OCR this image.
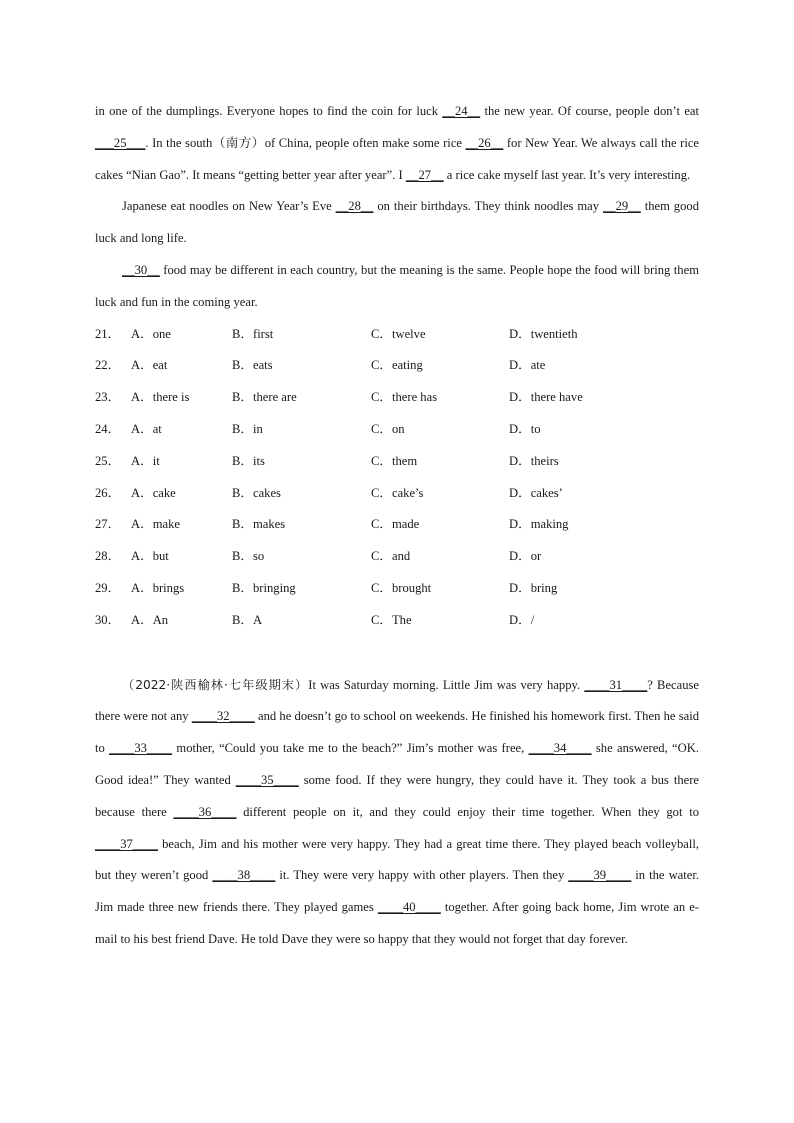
in one of the dumplings. Everyone hopes to find the coin for luck __24__ the new year. Of course, people don’t eat ___25___. In the south（南方）of China, people often make some rice __26__ for New Year. We always call the rice cakes “Nian Gao”. It means “getting better year after year”. I __27__ a rice cake myself last year. It’s very interesting.

Japanese eat noodles on New Year’s Eve __28__ on their birthdays. They think noodles may __29__ them good luck and long life.

__30__ food may be different in each country, but the meaning is the same. People hope the food will bring them luck and fun in the coming year.

21． A．one	B．first	C．twelve	D．twentieth
22． A．eat	B．eats	C．eating	D．ate
23． A．there is	B．there are	C．there has	D．there have
24． A．at	B．in	C．on	D．to
25． A．it	B．its	C．them	D．theirs
26． A．cake	B．cakes	C．cake’s	D．cakes’
27． A．make	B．makes	C．made	D．making
28． A．but	B．so	C．and	D．or
29． A．brings	B．bringing	C．brought	D．bring
30． A．An	B．A	C．The	D．/

（2022·陕西榆林·七年级期末）It was Saturday morning. Little Jim was very happy. ____31____? Because there were not any ____32____ and he doesn’t go to school on weekends. He finished his homework first. Then he said to ____33____ mother, “Could you take me to the beach?” Jim’s mother was free, ____34____ she answered, “OK. Good idea!” They wanted ____35____ some food. If they were hungry, they could have it. They took a bus there because there ____36____ different people on it, and they could enjoy their time together. When they got to ____37____ beach, Jim and his mother were very happy. They had a great time there. They played beach volleyball, but they weren’t good ____38____ it. They were very happy with other players. Then they ____39____ in the water. Jim made three new friends there. They played games ____40____ together. After going back home, Jim wrote an e-mail to his best friend Dave. He told Dave they were so happy that they would not forget that day forever.
